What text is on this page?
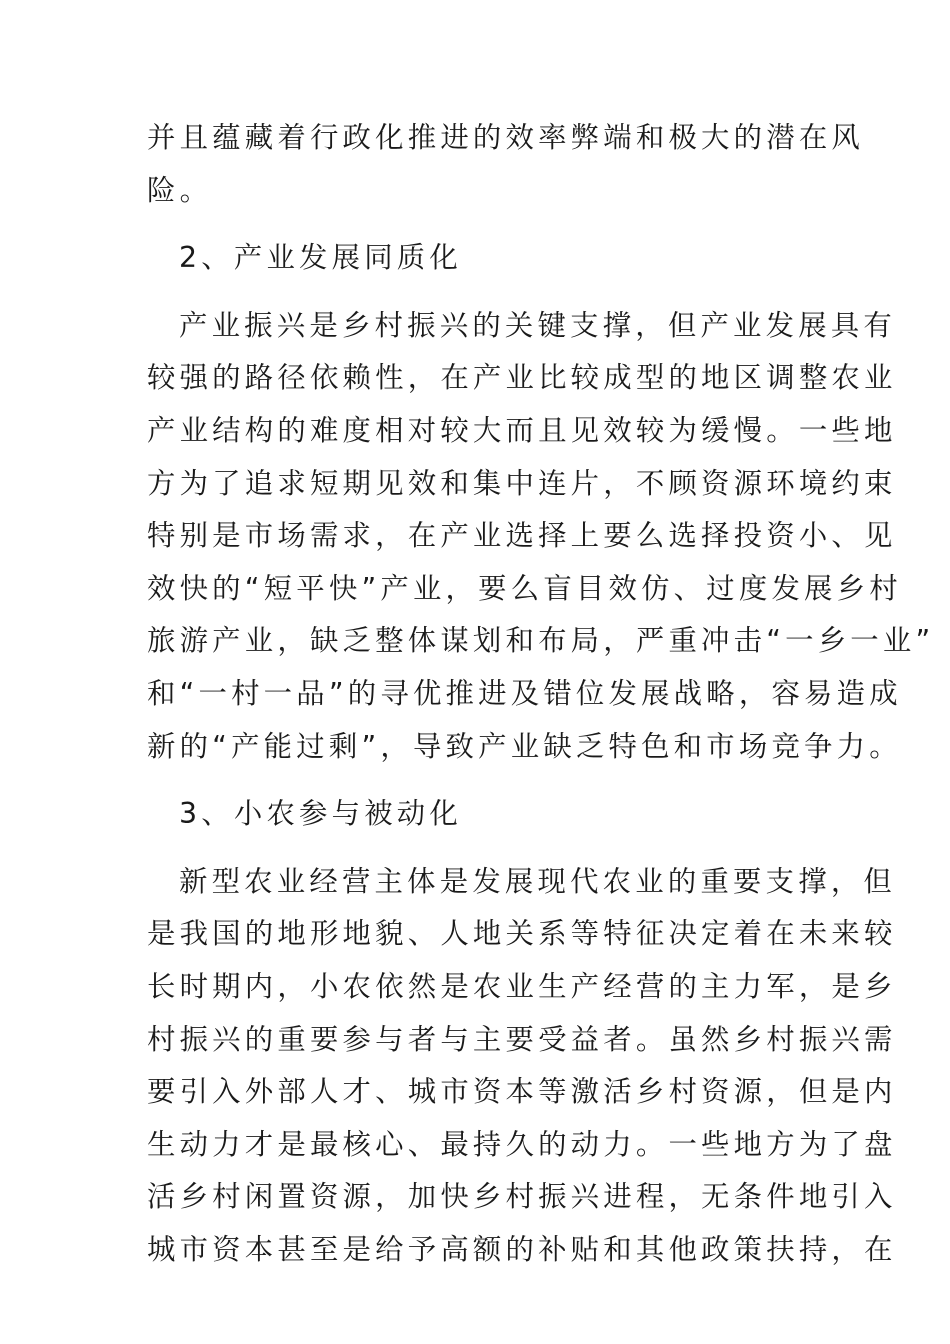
并且蕴藏着行政化推进的效率弊端和极大的潜在风
险。

2、产业发展同质化

产业振兴是乡村振兴的关键支撑，但产业发展具有
较强的路径依赖性，在产业比较成型的地区调整农业
产业结构的难度相对较大而且见效较为缓慢。一些地
方为了追求短期见效和集中连片，不顾资源环境约束
特别是市场需求，在产业选择上要么选择投资小、见
效快的“短平快”产业，要么盲目效仿、过度发展乡村
旅游产业，缺乏整体谋划和布局，严重冲击“一乡一业”
和“一村一品”的寻优推进及错位发展战略，容易造成
新的“产能过剩”，导致产业缺乏特色和市场竞争力。

3、小农参与被动化

新型农业经营主体是发展现代农业的重要支撑，但
是我国的地形地貌、人地关系等特征决定着在未来较
长时期内，小农依然是农业生产经营的主力军，是乡
村振兴的重要参与者与主要受益者。虽然乡村振兴需
要引入外部人才、城市资本等激活乡村资源，但是内
生动力才是最核心、最持久的动力。一些地方为了盘
活乡村闲置资源，加快乡村振兴进程，无条件地引入
城市资本甚至是给予高额的补贴和其他政策扶持，在
